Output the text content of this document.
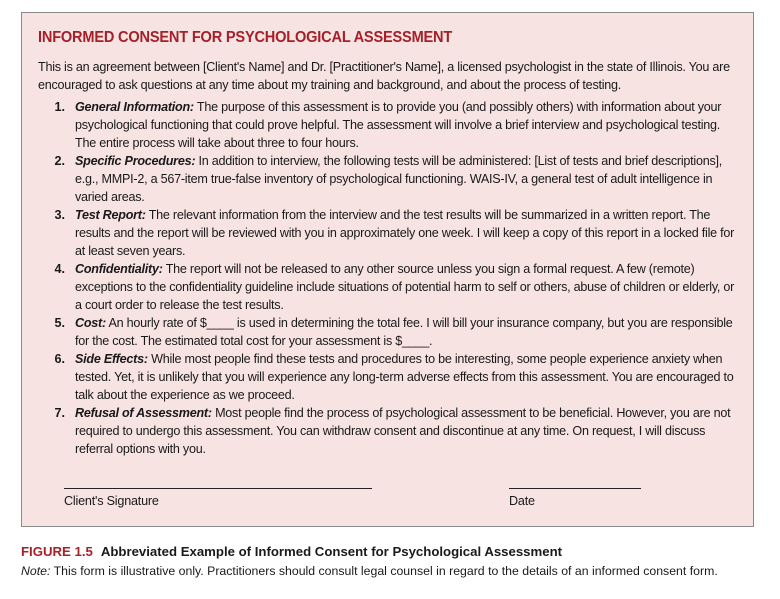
INFORMED CONSENT FOR PSYCHOLOGICAL ASSESSMENT

This is an agreement between [Client's Name] and Dr. [Practitioner's Name], a licensed psychologist in the state of Illinois. You are encouraged to ask questions at any time about my training and background, and about the process of testing.

1. General Information: The purpose of this assessment is to provide you (and possibly others) with information about your psychological functioning that could prove helpful. The assessment will involve a brief interview and psychological testing. The entire process will take about three to four hours.
2. Specific Procedures: In addition to interview, the following tests will be administered: [List of tests and brief descriptions], e.g., MMPI-2, a 567-item true-false inventory of psychological functioning. WAIS-IV, a general test of adult intelligence in varied areas.
3. Test Report: The relevant information from the interview and the test results will be summarized in a written report. The results and the report will be reviewed with you in approximately one week. I will keep a copy of this report in a locked file for at least seven years.
4. Confidentiality: The report will not be released to any other source unless you sign a formal request. A few (remote) exceptions to the confidentiality guideline include situations of potential harm to self or others, abuse of children or elderly, or a court order to release the test results.
5. Cost: An hourly rate of $____ is used in determining the total fee. I will bill your insurance company, but you are responsible for the cost. The estimated total cost for your assessment is $____.
6. Side Effects: While most people find these tests and procedures to be interesting, some people experience anxiety when tested. Yet, it is unlikely that you will experience any long-term adverse effects from this assessment. You are encouraged to talk about the experience as we proceed.
7. Refusal of Assessment: Most people find the process of psychological assessment to be beneficial. However, you are not required to undergo this assessment. You can withdraw consent and discontinue at any time. On request, I will discuss referral options with you.
Client's Signature	Date
FIGURE 1.5 Abbreviated Example of Informed Consent for Psychological Assessment
Note: This form is illustrative only. Practitioners should consult legal counsel in regard to the details of an informed consent form.
